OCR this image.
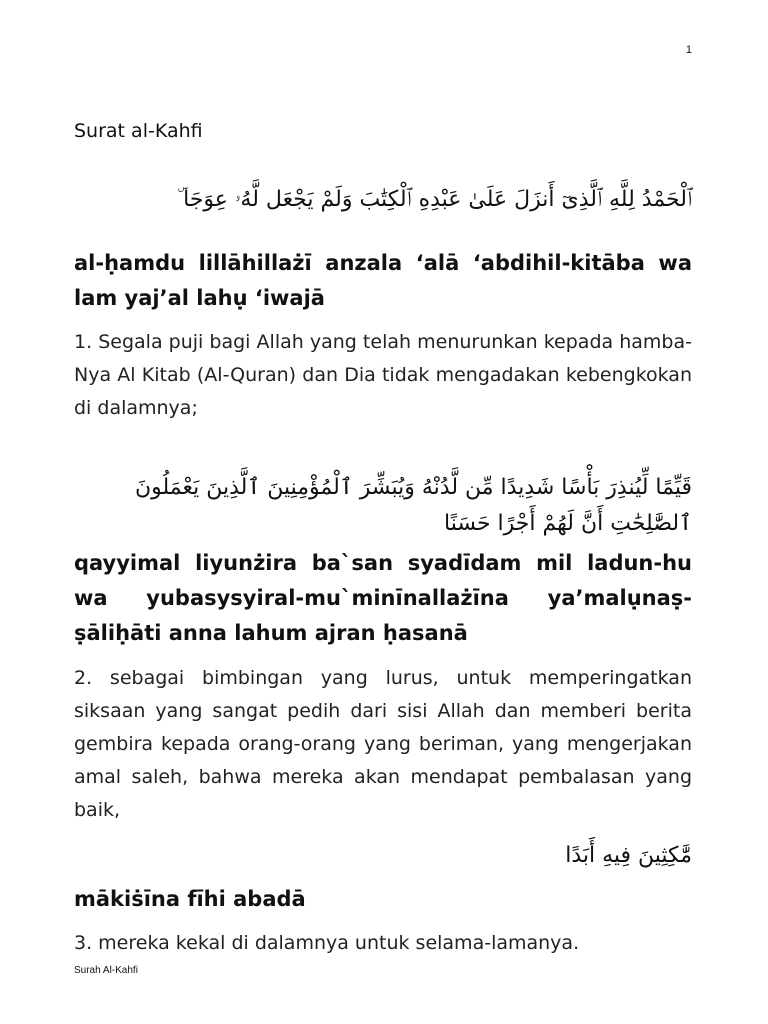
1
Surat al-Kahfi

ٱلْحَمْدُ لِلَّهِ ٱلَّذِىٓ أَنزَلَ عَلَىٰ عَبْدِهِ ٱلْكِتَٰبَ وَلَمْ يَجْعَل لَّهُۥ عِوَجَا ۜ

al-ḥamdu lillāhillażī anzala ‘alā ‘abdihil-kitāba wa lam yaj’al lahụ ‘iwajā

1. Segala puji bagi Allah yang telah menurunkan kepada hamba-Nya Al Kitab (Al-Quran) dan Dia tidak mengadakan kebengkokan di dalamnya;

قَيِّمًا لِّيُنذِرَ بَأْسًا شَدِيدًا مِّن لَّدُنْهُ وَيُبَشِّرَ ٱلْمُؤْمِنِينَ ٱلَّذِينَ يَعْمَلُونَ ٱلصَّٰلِحَٰتِ أَنَّ لَهُمْ أَجْرًا حَسَنًا

qayyimal liyunżira ba`san syadīdam mil ladun-hu wa yubasysyiral-mu`minīnallażīna ya’malụnaṣ-ṣāliḥāti anna lahum ajran ḥasanā

2. sebagai bimbingan yang lurus, untuk memperingatkan siksaan yang sangat pedih dari sisi Allah dan memberi berita gembira kepada orang-orang yang beriman, yang mengerjakan amal saleh, bahwa mereka akan mendapat pembalasan yang baik,

مَّٰكِثِينَ فِيهِ أَبَدًا

mākiṡīna fīhi abadā

3. mereka kekal di dalamnya untuk selama-lamanya.

Surah Al-Kahfi
